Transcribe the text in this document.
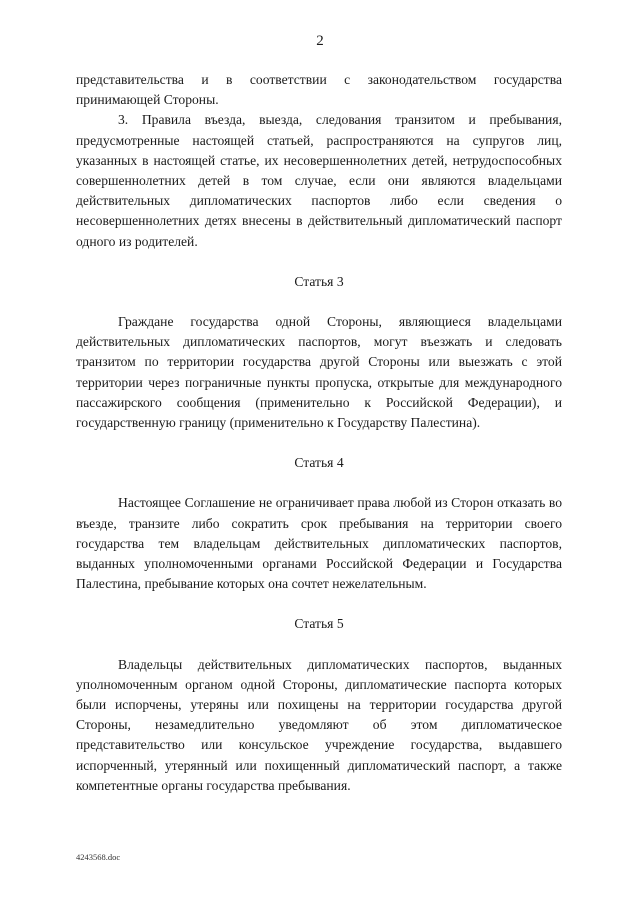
2

представительства и в соответствии с законодательством государства принимающей Стороны.

3. Правила въезда, выезда, следования транзитом и пребывания, предусмотренные настоящей статьей, распространяются на супругов лиц, указанных в настоящей статье, их несовершеннолетних детей, нетрудоспособных совершеннолетних детей в том случае, если они являются владельцами действительных дипломатических паспортов либо если сведения о несовершеннолетних детях внесены в действительный дипломатический паспорт одного из родителей.

Статья 3

Граждане государства одной Стороны, являющиеся владельцами действительных дипломатических паспортов, могут въезжать и следовать транзитом по территории государства другой Стороны или выезжать с этой территории через пограничные пункты пропуска, открытые для международного пассажирского сообщения (применительно к Российской Федерации), и государственную границу (применительно к Государству Палестина).

Статья 4

Настоящее Соглашение не ограничивает права любой из Сторон отказать во въезде, транзите либо сократить срок пребывания на территории своего государства тем владельцам действительных дипломатических паспортов, выданных уполномоченными органами Российской Федерации и Государства Палестина, пребывание которых она сочтет нежелательным.

Статья 5

Владельцы действительных дипломатических паспортов, выданных уполномоченным органом одной Стороны, дипломатические паспорта которых были испорчены, утеряны или похищены на территории государства другой Стороны, незамедлительно уведомляют об этом дипломатическое представительство или консульское учреждение государства, выдавшего испорченный, утерянный или похищенный дипломатический паспорт, а также компетентные органы государства пребывания.

4243568.doc
